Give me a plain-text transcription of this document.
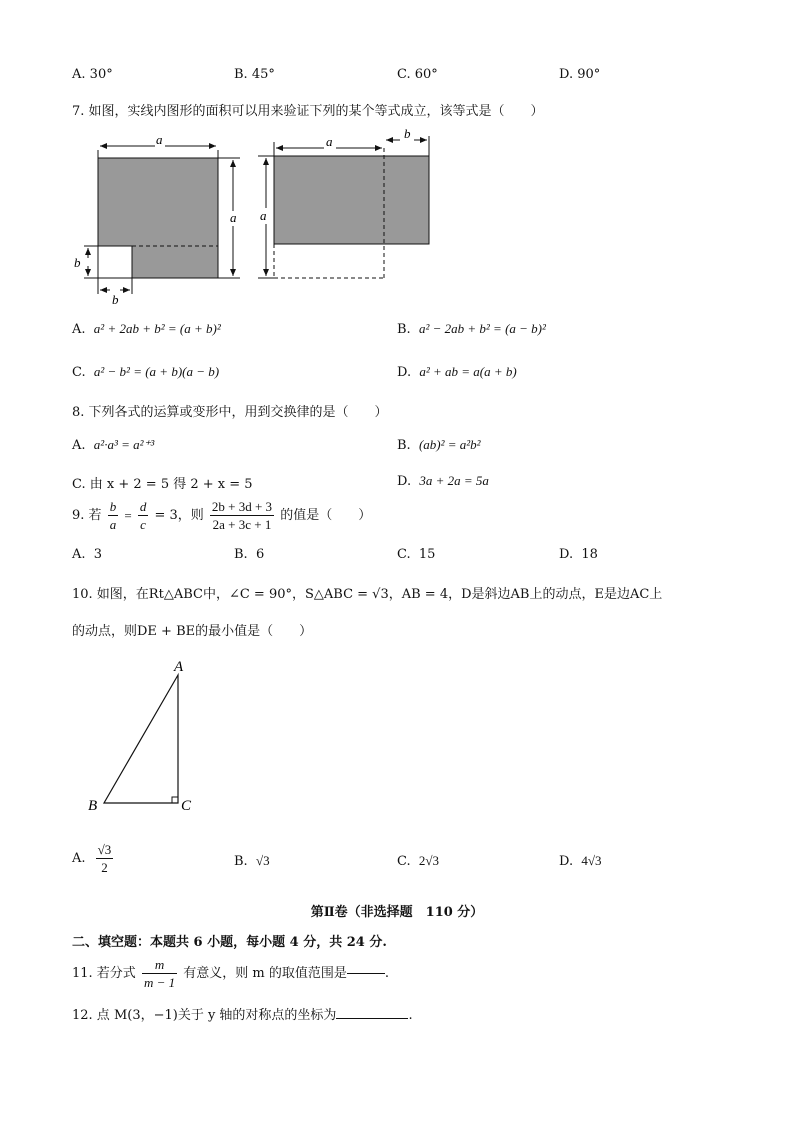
A. 30°	B. 45°	C. 60°	D. 90°
7. 如图，实线内图形的面积可以用来验证下列的某个等式成立，该等式是（　　）
a
a
b
b
a
b
a
A. a² + 2ab + b² = (a + b)²	B. a² − 2ab + b² = (a − b)²
C. a² − b² = (a + b)(a − b)	D. a² + ab = a(a + b)
8. 下列各式的运算或变形中，用到交换律的是（　　）
A. a²·a³ = a²⁺³	B. (ab)² = a²b²
C. 由 x + 2 = 5 得 2 + x = 5	D. 3a + 2a = 5a
9. 若 $\frac{b}{a} = \frac{d}{c} = 3$，则 $\frac{2b + 3d + 3}{2a + 3c + 1}$ 的值是（　　）
A. 3	B. 6	C. 15	D. 18
10. 如图，在Rt△ABC中，∠C = 90°，S△ABC = √3，AB = 4，D是斜边AB上的动点，E是边AC上
的动点，则DE + BE的最小值是（　　）
A
B	C
A. $\frac{√3}{2}$	B. √3	C. 2√3	D. 4√3
第Ⅱ卷（非选择题　110 分）
二、填空题：本题共 6 小题，每小题 4 分，共 24 分.
11. 若分式 $\frac{m}{m - 1}$ 有意义，则 m 的取值范围是	.
12. 点 M(3，−1)关于 y 轴的对称点的坐标为	.
